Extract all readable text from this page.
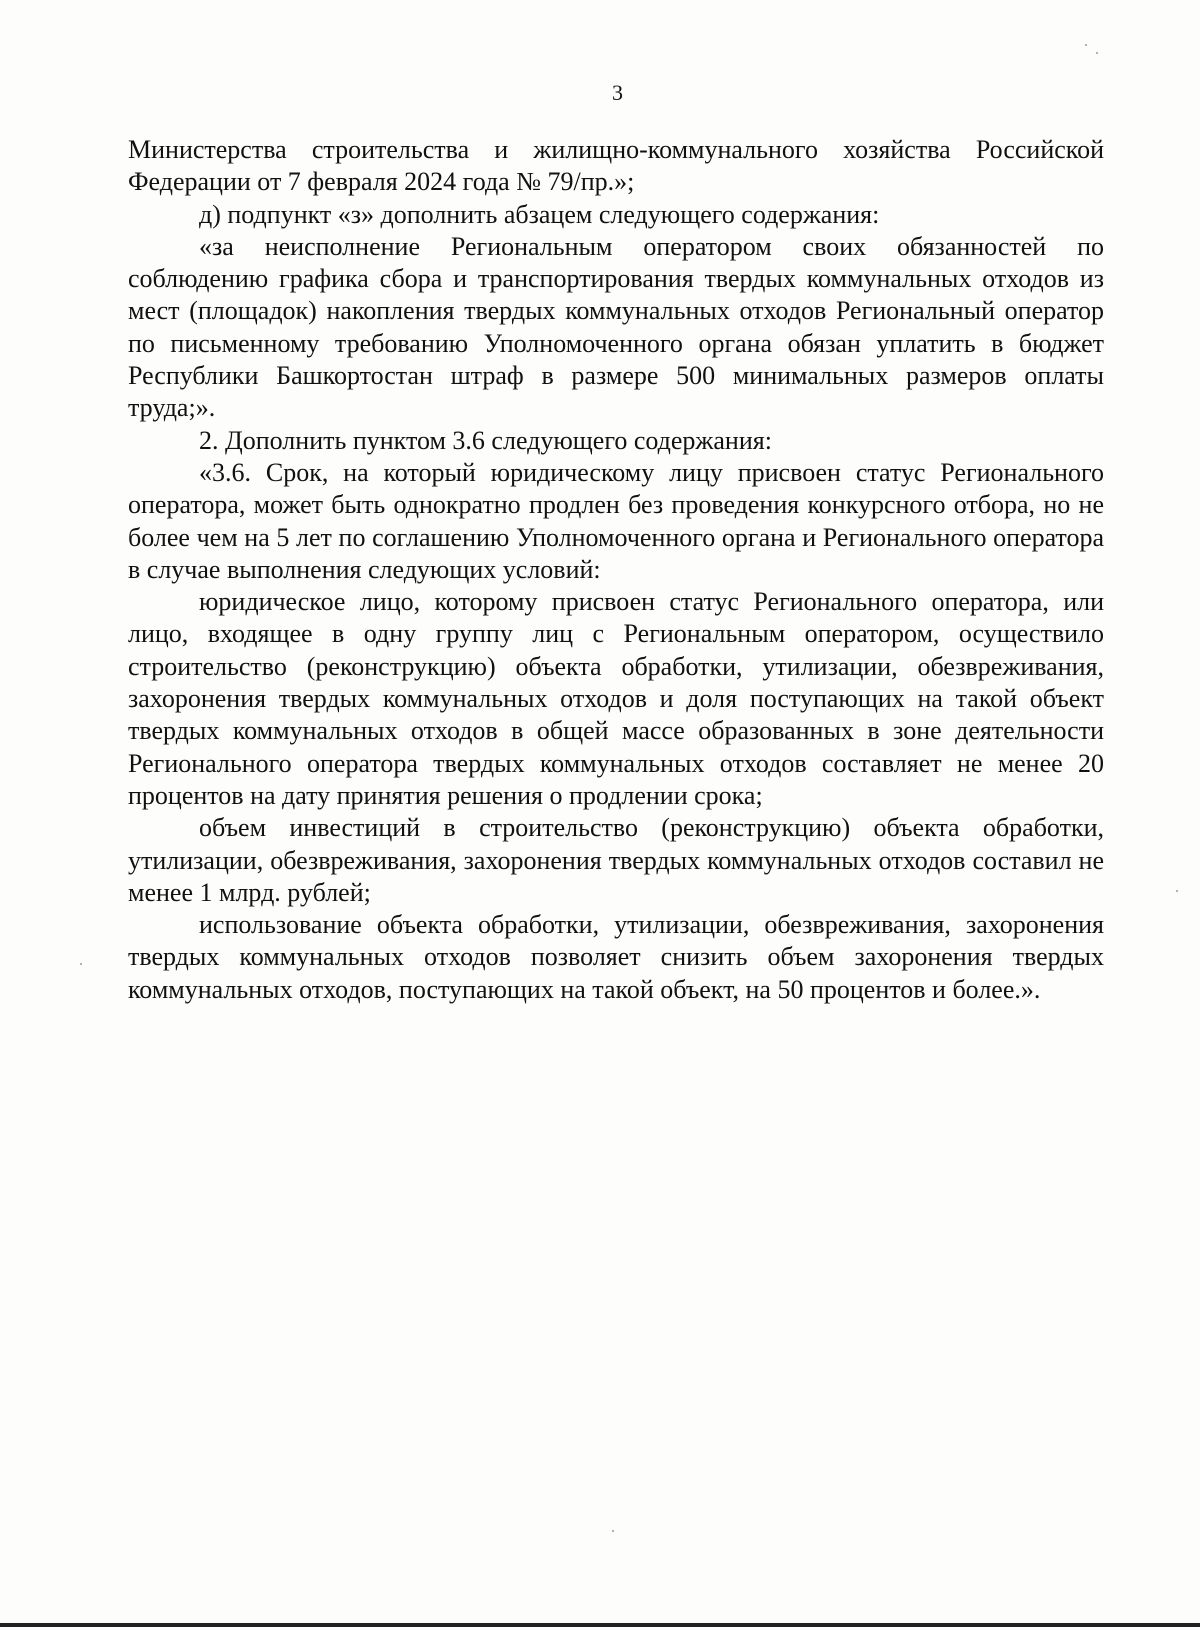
3

Министерства строительства и жилищно-коммунального хозяйства Российской Федерации от 7 февраля 2024 года № 79/пр.»;

д) подпункт «з» дополнить абзацем следующего содержания:

«за неисполнение Региональным оператором своих обязанностей по соблюдению графика сбора и транспортирования твердых коммунальных отходов из мест (площадок) накопления твердых коммунальных отходов Региональный оператор по письменному требованию Уполномоченного органа обязан уплатить в бюджет Республики Башкортостан штраф в размере 500 минимальных размеров оплаты труда;».

2. Дополнить пунктом 3.6 следующего содержания:

«3.6. Срок, на который юридическому лицу присвоен статус Регионального оператора, может быть однократно продлен без проведения конкурсного отбора, но не более чем на 5 лет по соглашению Уполномоченного органа и Регионального оператора в случае выполнения следующих условий:

юридическое лицо, которому присвоен статус Регионального оператора, или лицо, входящее в одну группу лиц с Региональным оператором, осуществило строительство (реконструкцию) объекта обработки, утилизации, обезвреживания, захоронения твердых коммунальных отходов и доля поступающих на такой объект твердых коммунальных отходов в общей массе образованных в зоне деятельности Регионального оператора твердых коммунальных отходов составляет не менее 20 процентов на дату принятия решения о продлении срока;

объем инвестиций в строительство (реконструкцию) объекта обработки, утилизации, обезвреживания, захоронения твердых коммунальных отходов составил не менее 1 млрд. рублей;

использование объекта обработки, утилизации, обезвреживания, захоронения твердых коммунальных отходов позволяет снизить объем захоронения твердых коммунальных отходов, поступающих на такой объект, на 50 процентов и более.».
